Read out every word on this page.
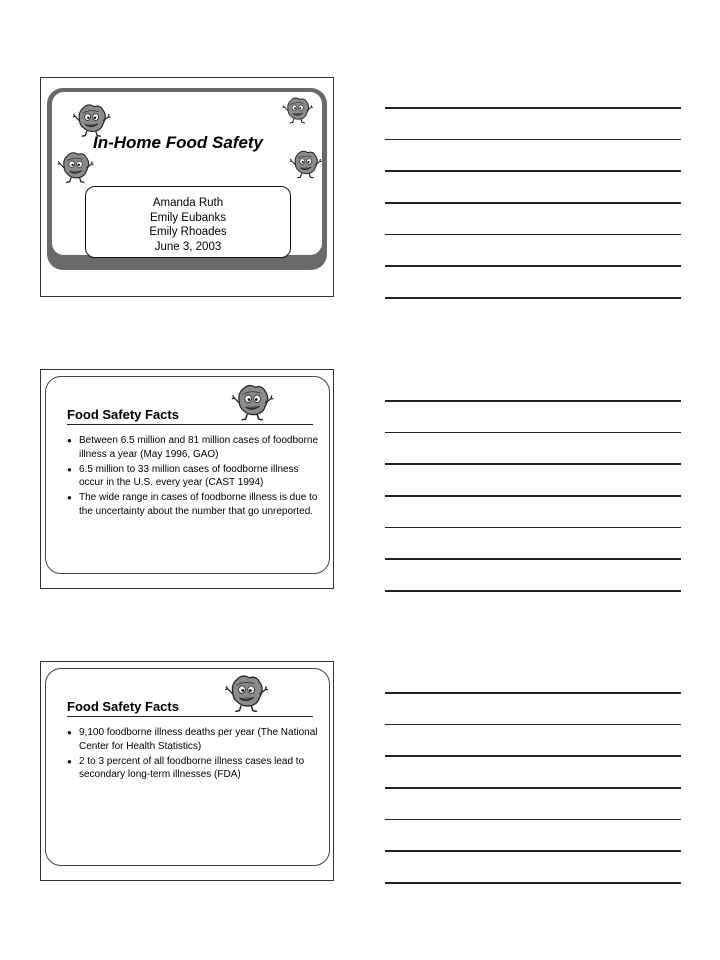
In-Home Food Safety
Amanda Ruth
Emily Eubanks
Emily Rhoades
June 3, 2003
Food Safety Facts
● Between 6.5 million and 81 million cases of foodborne illness a year (May 1996, GAO)
● 6.5 million to 33 million cases of foodborne illness occur in the U.S. every year (CAST 1994)
● The wide range in cases of foodborne illness is due to the uncertainty about the number that go unreported.
Food Safety Facts
● 9,100 foodborne illness deaths per year (The National Center for Health Statistics)
● 2 to 3 percent of all foodborne illness cases lead to secondary long-term illnesses (FDA)
